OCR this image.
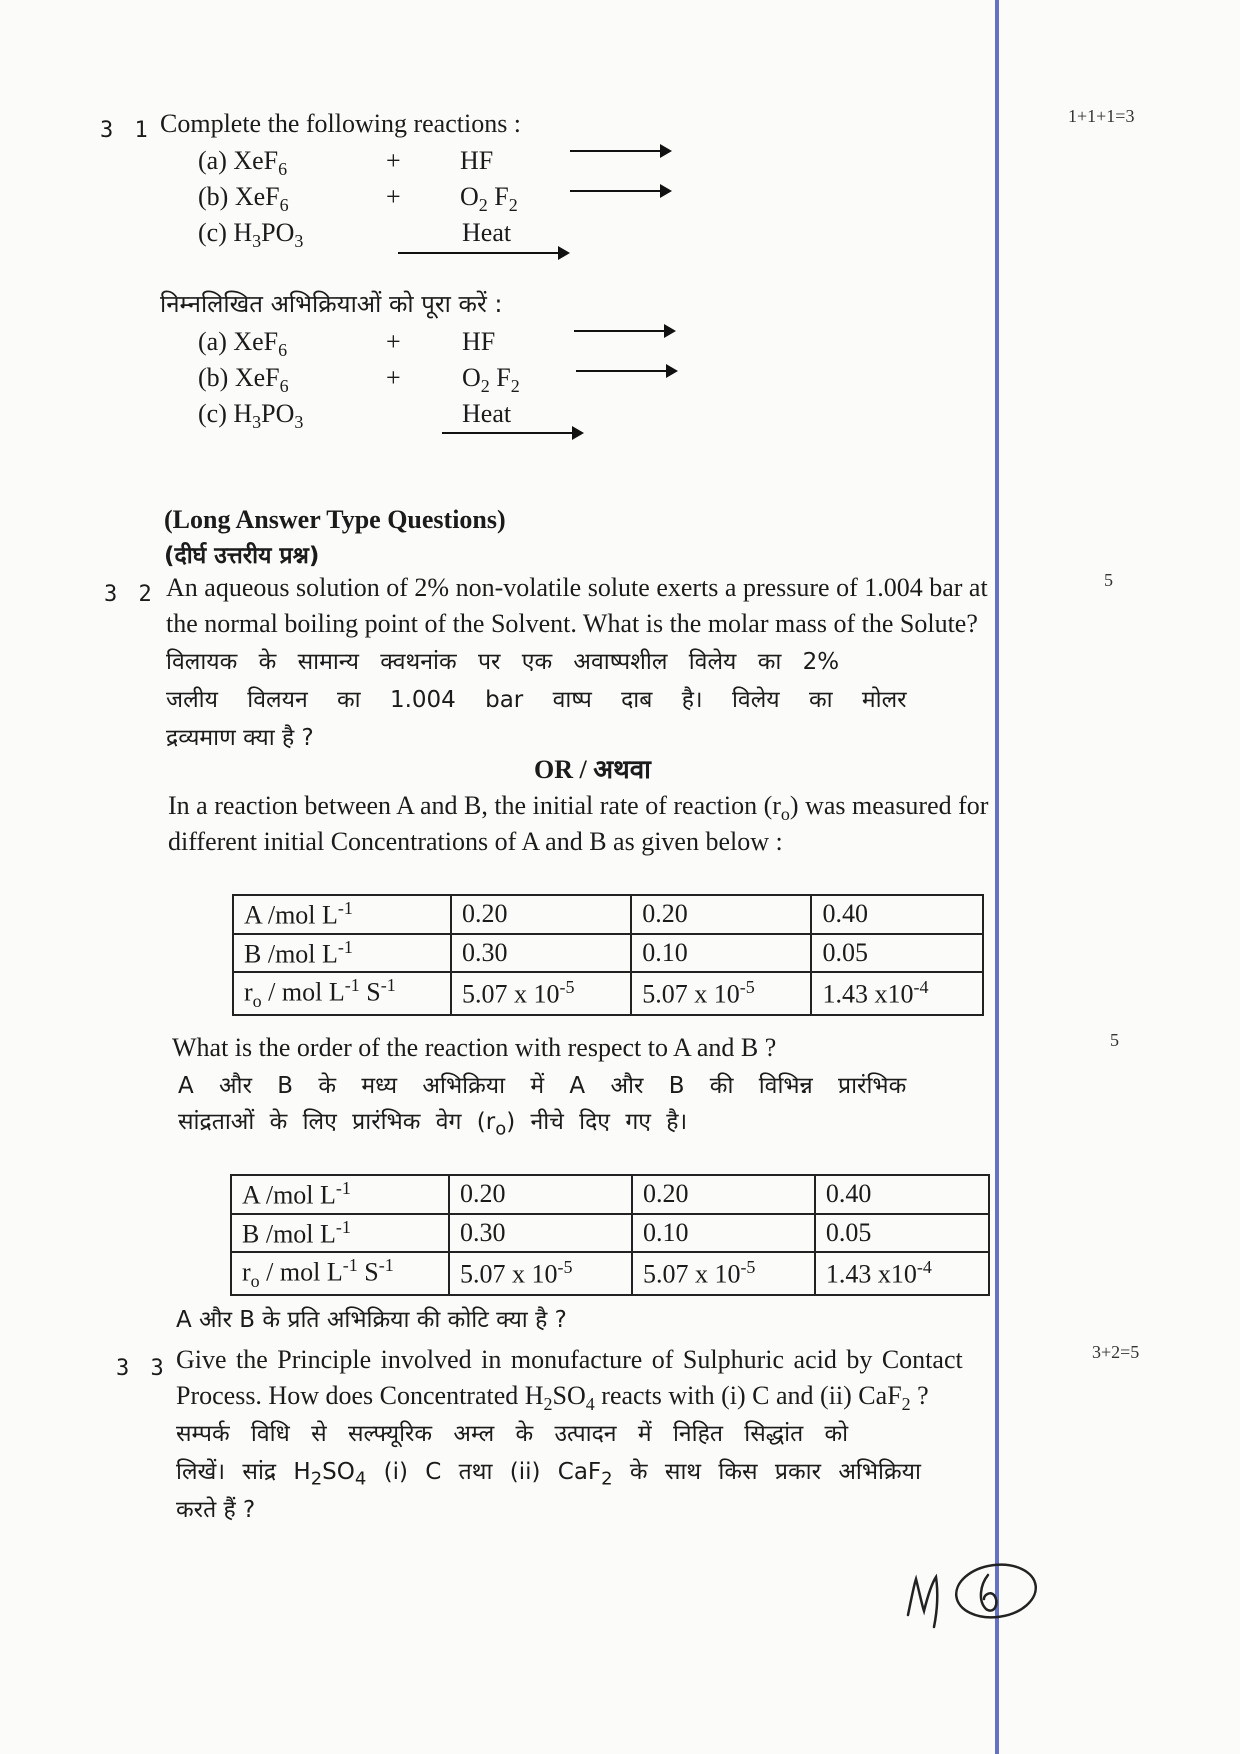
3 1
1+1+1=3
Complete the following reactions :
(a) XeF$_6$	+ HF
(b) XeF$_6$	+ $O_2$ $F_2$
(c) $H_3PO_3$	Heat
निम्नलिखित अभिक्रियाओं को पूरा करें :
(a) XeF$_6$	+ HF
(b) XeF$_6$	+ $O_2$ $F_2$
(c) $H_3PO_3$	Heat
(Long Answer Type Questions)
(दीर्घ उत्तरीय प्रश्न)
3 2
5
An aqueous solution of 2% non-volatile solute exerts a pressure of 1.004 bar at
the normal boiling point of the Solvent. What is the molar mass of the Solute?
विलायक के सामान्य क्वथनांक पर एक अवाष्पशील विलेय का 2%
जलीय विलयन का 1.004 bar वाष्प दाब है। विलेय का मोलर
द्रव्यमाण क्या है ?
OR / अथवा
In a reaction between A and B, the initial rate of reaction $(r_o)$ was measured for
different initial Concentrations of A and B as given below :
A /mol $L^{-1}$	0.20	0.20	0.40
B /mol $L^{-1}$	0.30	0.10	0.05
$r_o$ / mol $L^{-1}$ $S^{-1}$	5.07 x $10^{-5}$	5.07 x $10^{-5}$	1.43 $x10^{-4}$
What is the order of the reaction with respect to A and B ?	5
A और B के मध्य अभिक्रिया में A और B की विभिन्न प्रारंभिक
सांद्रताओं के लिए प्रारंभिक वेग $(r_o)$ नीचे दिए गए है।
A /mol $L^{-1}$	0.20	0.20	0.40
B /mol $L^{-1}$	0.30	0.10	0.05
$r_o$ / mol $L^{-1}$ $S^{-1}$	5.07 x $10^{-5}$	5.07 x $10^{-5}$	1.43 $x10^{-4}$
A और B के प्रति अभिक्रिया की कोटि क्या है ?
3 3
3+2=5
Give the Principle involved in monufacture of Sulphuric acid by Contact
Process. How does Concentrated $H_2SO_4$ reacts with (i) C and (ii) CaF$_2$ ?
सम्पर्क विधि से सल्फ्यूरिक अम्ल के उत्पादन में निहित सिद्धांत को
लिखें। सांद्र $H_2SO_4$ (i) C तथा (ii) CaF$_2$ के साथ किस प्रकार अभिक्रिया
करते हैं ?
